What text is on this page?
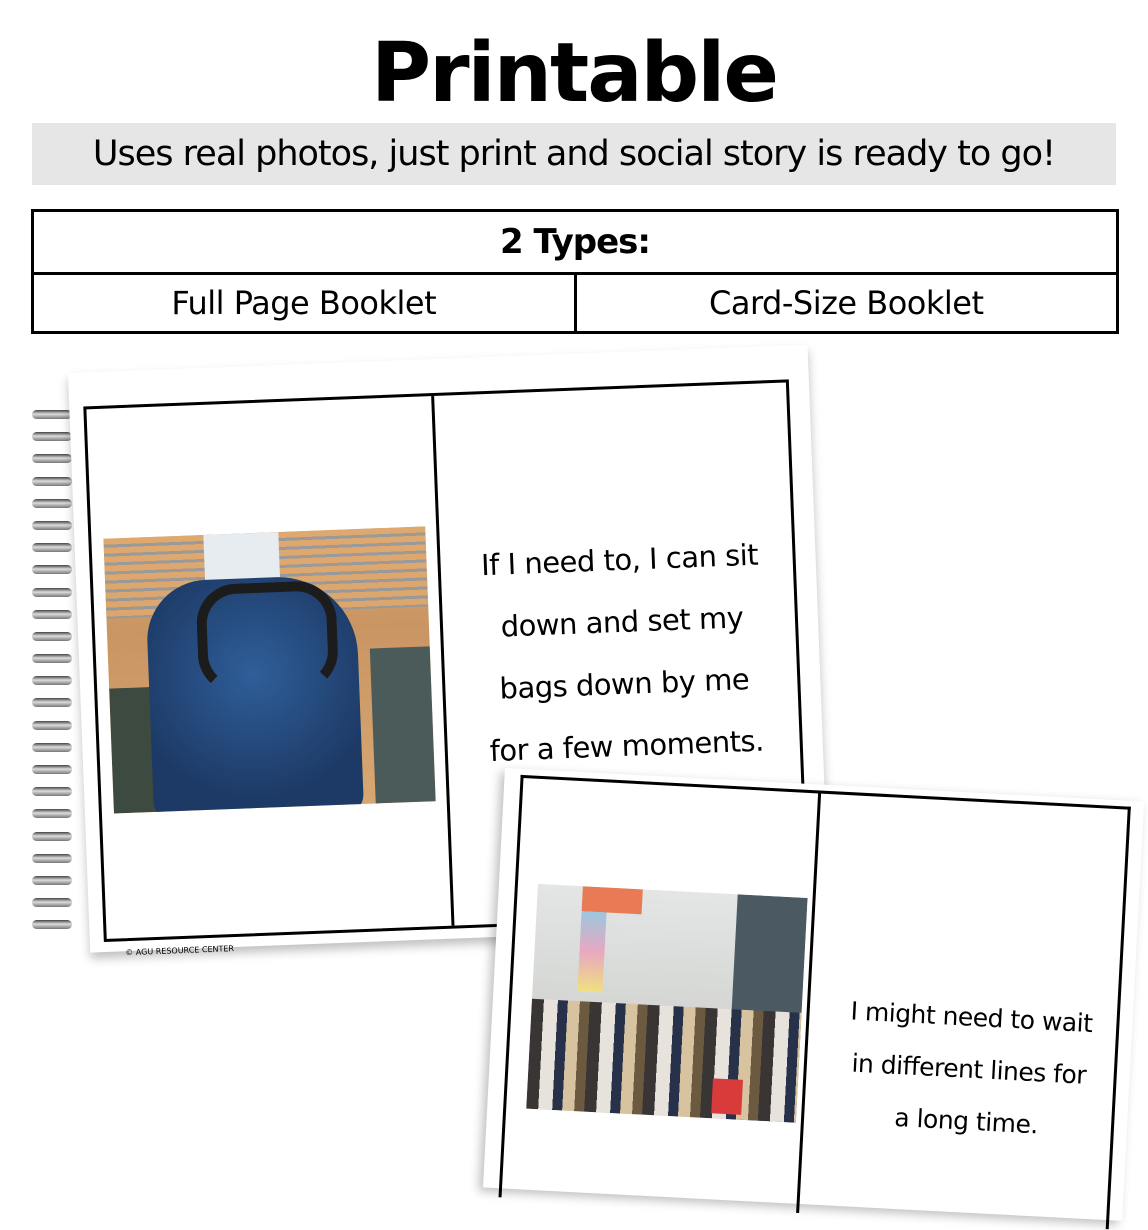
Printable
Uses real photos, just print and social story is ready to go!
2 Types:
Full Page Booklet	Card-Size Booklet
If I need to, I can sit
down and set my
bags down by me
for a few moments.
© AGU RESOURCE CENTER
I might need to wait
in different lines for
a long time.
